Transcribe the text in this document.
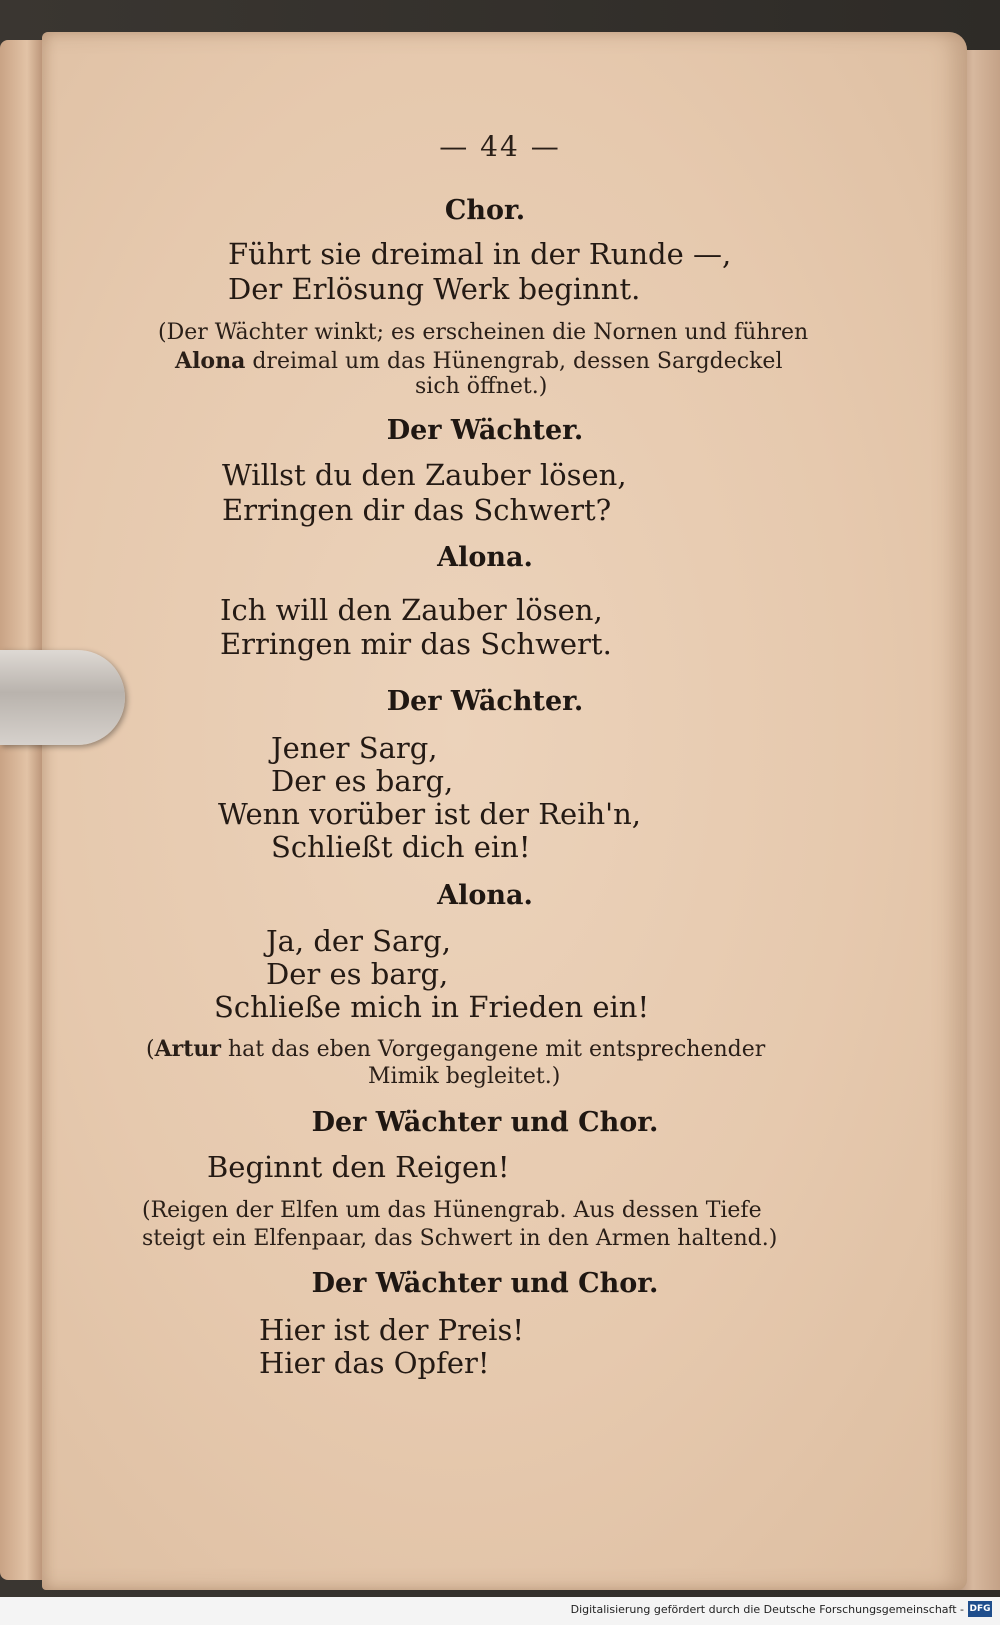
— 44 —
Chor.
Führt sie dreimal in der Runde —,
Der Erlösung Werk beginnt.
(Der Wächter winkt; es erscheinen die Nornen und führen
Alona dreimal um das Hünengrab, dessen Sargdeckel
sich öffnet.)
Der Wächter.
Willst du den Zauber lösen,
Erringen dir das Schwert?
Alona.
Ich will den Zauber lösen,
Erringen mir das Schwert.
Der Wächter.
Jener Sarg,
Der es barg,
Wenn vorüber ist der Reih'n,
Schließt dich ein!
Alona.
Ja, der Sarg,
Der es barg,
Schließe mich in Frieden ein!
(Artur hat das eben Vorgegangene mit entsprechender
Mimik begleitet.)
Der Wächter und Chor.
Beginnt den Reigen!
(Reigen der Elfen um das Hünengrab. Aus dessen Tiefe
steigt ein Elfenpaar, das Schwert in den Armen haltend.)
Der Wächter und Chor.
Hier ist der Preis!
Hier das Opfer!
Digitalisierung gefördert durch die Deutsche Forschungsgemeinschaft - DFG
